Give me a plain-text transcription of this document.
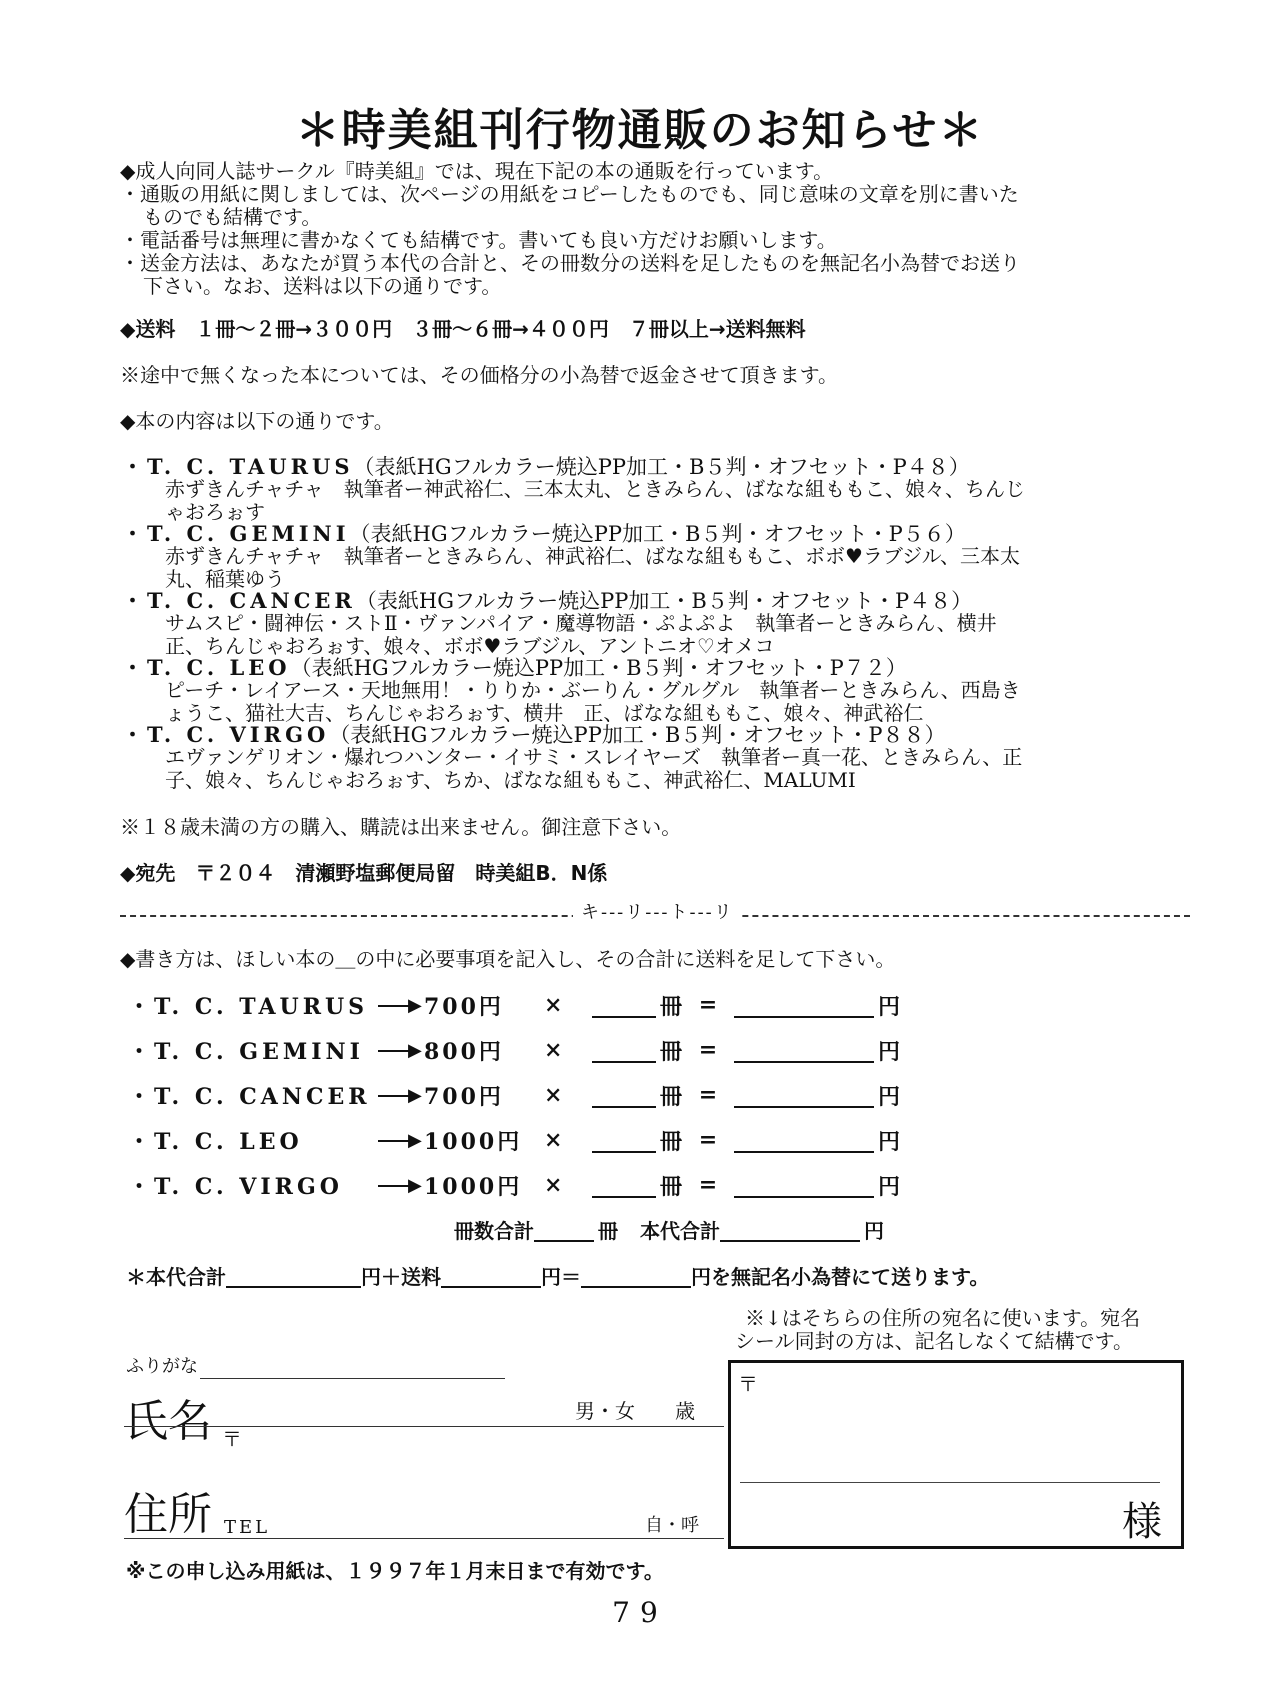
＊時美組刊行物通販のお知らせ＊
◆成人向同人誌サークル『時美組』では、現在下記の本の通販を行っています。
・通販の用紙に関しましては、次ページの用紙をコピーしたものでも、同じ意味の文章を別に書いた
ものでも結構です。
・電話番号は無理に書かなくても結構です。書いても良い方だけお願いします。
・送金方法は、あなたが買う本代の合計と、その冊数分の送料を足したものを無記名小為替でお送り
下さい。なお、送料は以下の通りです。
◆送料　１冊〜２冊→３００円　３冊〜６冊→４００円　７冊以上→送料無料
※途中で無くなった本については、その価格分の小為替で返金させて頂きます。
◆本の内容は以下の通りです。
・T. C. TAURUS（表紙HGフルカラー焼込PP加工・B５判・オフセット・P４８）
赤ずきんチャチャ　執筆者ー神武裕仁、三本太丸、ときみらん、ばなな組ももこ、娘々、ちんじ
ゃおろぉす
・T. C. GEMINI（表紙HGフルカラー焼込PP加工・B５判・オフセット・P５６）
赤ずきんチャチャ　執筆者ーときみらん、神武裕仁、ばなな組ももこ、ボボ♥ラブジル、三本太
丸、稲葉ゆう
・T. C. CANCER（表紙HGフルカラー焼込PP加工・B５判・オフセット・P４８）
サムスピ・闘神伝・ストⅡ・ヴァンパイア・魔導物語・ぷよぷよ　執筆者ーときみらん、横井
正、ちんじゃおろぉす、娘々、ボボ♥ラブジル、アントニオ♡オメコ
・T. C. LEO（表紙HGフルカラー焼込PP加工・B５判・オフセット・P７２）
ピーチ・レイアース・天地無用！・りりか・ぶーりん・グルグル　執筆者ーときみらん、西島き
ょうこ、猫社大吉、ちんじゃおろぉす、横井　正、ばなな組ももこ、娘々、神武裕仁
・T. C. VIRGO（表紙HGフルカラー焼込PP加工・B５判・オフセット・P８８）
エヴァンゲリオン・爆れつハンター・イサミ・スレイヤーズ　執筆者ー真一花、ときみらん、正
子、娘々、ちんじゃおろぉす、ちか、ばなな組ももこ、神武裕仁、MALUMI
※１８歳未満の方の購入、購読は出来ません。御注意下さい。
◆宛先　〒２０４　清瀬野塩郵便局留　時美組B．N係
キ---リ---ト---リ
◆書き方は、ほしい本の＿の中に必要事項を記入し、その合計に送料を足して下さい。
・T. C. TAURUS	▶ 700円	×	冊 =	円
・T. C. GEMINI	▶ 800円	×	冊 =	円
・T. C. CANCER	▶ 700円	×	冊 =	円
・T. C. LEO	▶ 1000円 ×	冊 =	円
・T. C. VIRGO	▶ 1000円 ×	冊 =	円
冊数合計	冊 本代合計	円
＊本代合計	円＋送料	円＝	円を無記名小為替にて送ります。
※↓はそちらの住所の宛名に使います。宛名
シール同封の方は、記名しなくて結構です。
ふりがな
氏名	男・女　　歳
〒
住所 TEL	自・呼
〒
様
※この申し込み用紙は、１９９７年１月末日まで有効です。
79
